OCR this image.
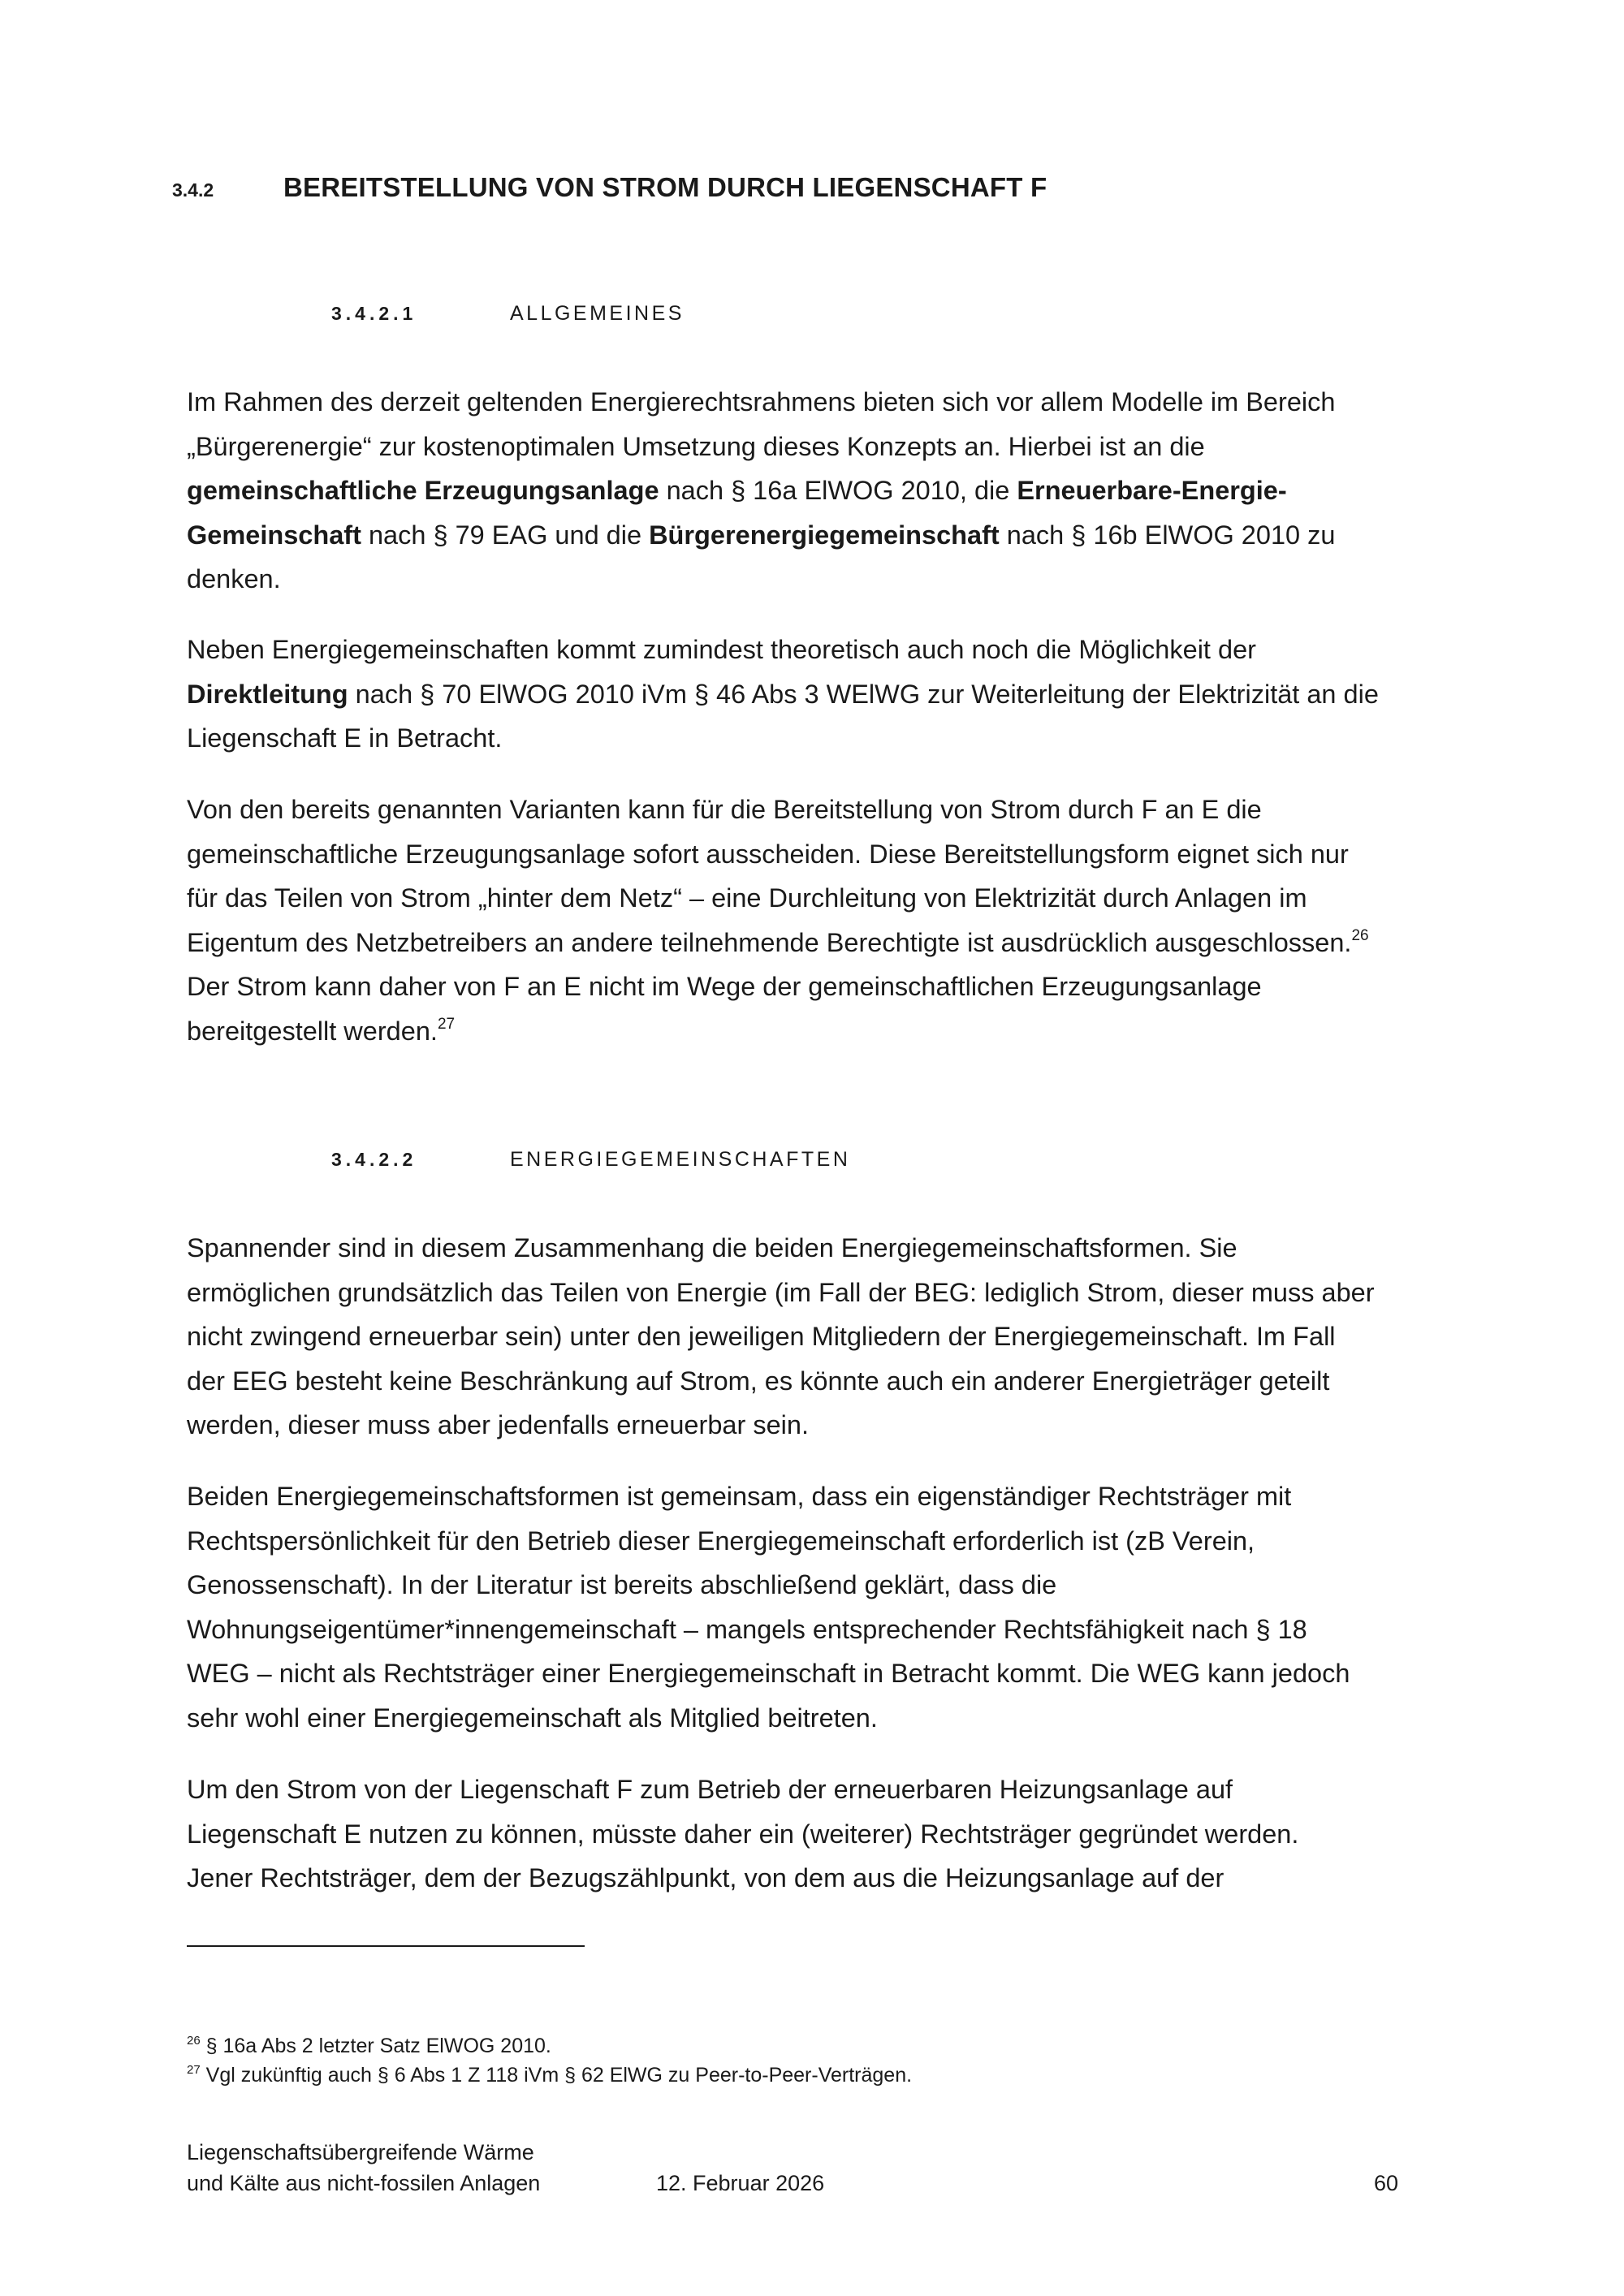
3.4.2	BEREITSTELLUNG VON STROM DURCH LIEGENSCHAFT F
3.4.2.1	ALLGEMEINES

Im Rahmen des derzeit geltenden Energierechtsrahmens bieten sich vor allem Modelle im Bereich
„Bürgerenergie“ zur kostenoptimalen Umsetzung dieses Konzepts an. Hierbei ist an die
gemeinschaftliche Erzeugungsanlage nach § 16a ElWOG 2010, die Erneuerbare-Energie-
Gemeinschaft nach § 79 EAG und die Bürgerenergiegemeinschaft nach § 16b ElWOG 2010 zu
denken.

Neben Energiegemeinschaften kommt zumindest theoretisch auch noch die Möglichkeit der
Direktleitung nach § 70 ElWOG 2010 iVm § 46 Abs 3 WElWG zur Weiterleitung der Elektrizität an die
Liegenschaft E in Betracht.

Von den bereits genannten Varianten kann für die Bereitstellung von Strom durch F an E die
gemeinschaftliche Erzeugungsanlage sofort ausscheiden. Diese Bereitstellungsform eignet sich nur
für das Teilen von Strom „hinter dem Netz“ – eine Durchleitung von Elektrizität durch Anlagen im
Eigentum des Netzbetreibers an andere teilnehmende Berechtigte ist ausdrücklich ausgeschlossen.$^{26}$
Der Strom kann daher von F an E nicht im Wege der gemeinschaftlichen Erzeugungsanlage
bereitgestellt werden.$^{27}$

3.4.2.2	ENERGIEGEMEINSCHAFTEN

Spannender sind in diesem Zusammenhang die beiden Energiegemeinschaftsformen. Sie
ermöglichen grundsätzlich das Teilen von Energie (im Fall der BEG: lediglich Strom, dieser muss aber
nicht zwingend erneuerbar sein) unter den jeweiligen Mitgliedern der Energiegemeinschaft. Im Fall
der EEG besteht keine Beschränkung auf Strom, es könnte auch ein anderer Energieträger geteilt
werden, dieser muss aber jedenfalls erneuerbar sein.

Beiden Energiegemeinschaftsformen ist gemeinsam, dass ein eigenständiger Rechtsträger mit
Rechtspersönlichkeit für den Betrieb dieser Energiegemeinschaft erforderlich ist (zB Verein,
Genossenschaft). In der Literatur ist bereits abschließend geklärt, dass die
Wohnungseigentümer*innengemeinschaft – mangels entsprechender Rechtsfähigkeit nach § 18
WEG – nicht als Rechtsträger einer Energiegemeinschaft in Betracht kommt. Die WEG kann jedoch
sehr wohl einer Energiegemeinschaft als Mitglied beitreten.

Um den Strom von der Liegenschaft F zum Betrieb der erneuerbaren Heizungsanlage auf
Liegenschaft E nutzen zu können, müsste daher ein (weiterer) Rechtsträger gegründet werden.
Jener Rechtsträger, dem der Bezugszählpunkt, von dem aus die Heizungsanlage auf der

$^{26}$ § 16a Abs 2 letzter Satz ElWOG 2010.
$^{27}$ Vgl zukünftig auch § 6 Abs 1 Z 118 iVm § 62 ElWG zu Peer-to-Peer-Verträgen.
Liegenschaftsübergreifende Wärme
und Kälte aus nicht-fossilen Anlagen	12. Februar 2026	60
